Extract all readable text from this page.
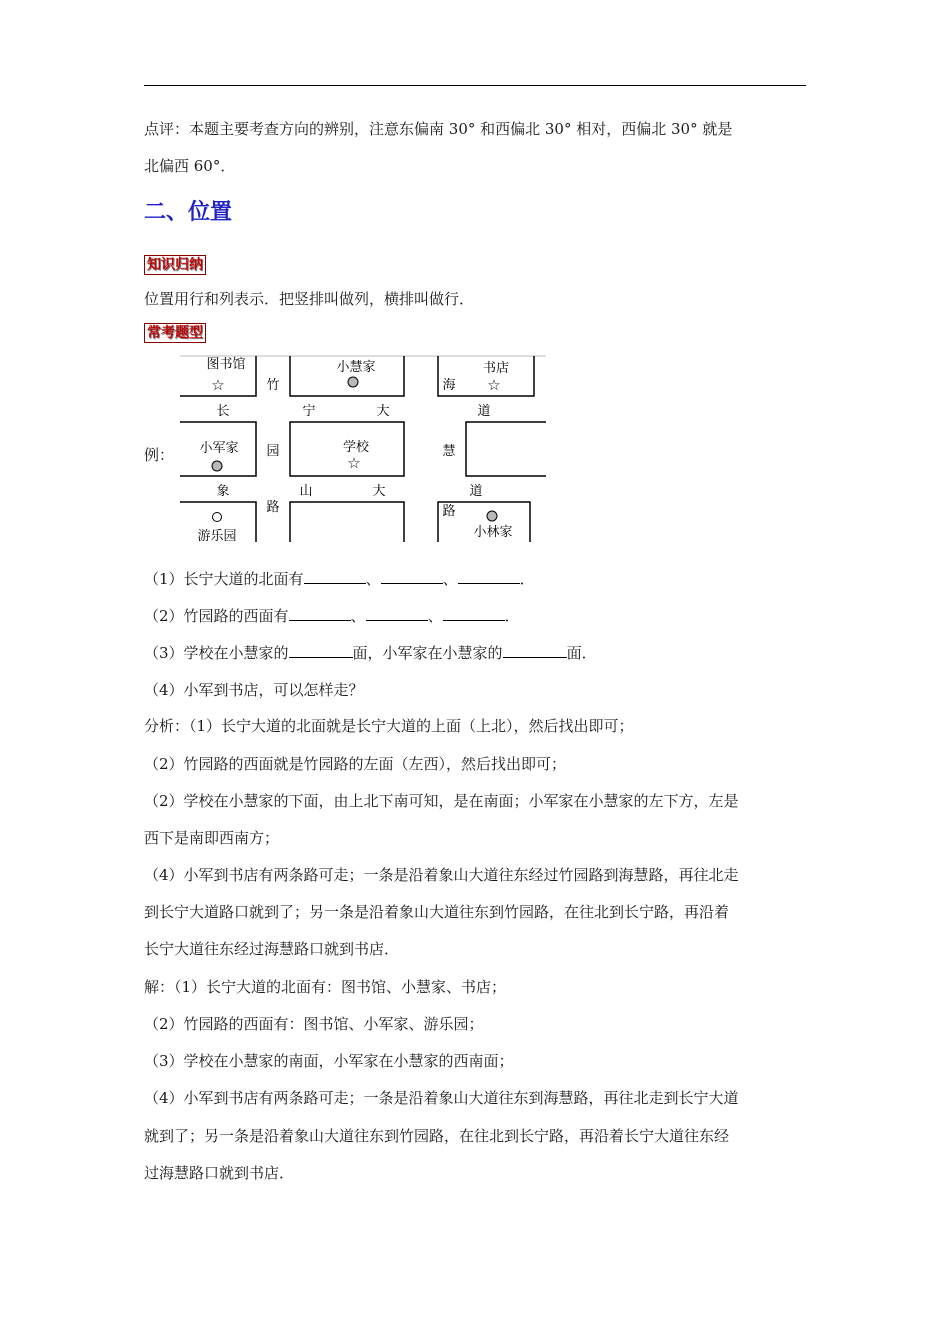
点评：本题主要考查方向的辨别，注意东偏南 30° 和西偏北 30° 相对，西偏北 30° 就是
北偏西 60°．
二、位置
知识归纳
位置用行和列表示．把竖排叫做列，横排叫做行．
常考题型
例：
图书馆
☆
小慧家	书店
☆
小军家	学校
☆
游乐园	小林家
长	宁	大	道
象	山	大	道
竹
园
路
海
慧
路
（1）长宁大道的北面有	、	、	．
（2）竹园路的西面有	、	、	．
（3）学校在小慧家的	面，小军家在小慧家的	面．
（4）小军到书店，可以怎样走？
分析：（1）长宁大道的北面就是长宁大道的上面（上北），然后找出即可；
（2）竹园路的西面就是竹园路的左面（左西），然后找出即可；
（2）学校在小慧家的下面，由上北下南可知，是在南面；小军家在小慧家的左下方，左是
西下是南即西南方；
（4）小军到书店有两条路可走；一条是沿着象山大道往东经过竹园路到海慧路，再往北走
到长宁大道路口就到了；另一条是沿着象山大道往东到竹园路，在往北到长宁路，再沿着
长宁大道往东经过海慧路口就到书店．
解：（1）长宁大道的北面有：图书馆、小慧家、书店；
（2）竹园路的西面有：图书馆、小军家、游乐园；
（3）学校在小慧家的南面，小军家在小慧家的西南面；
（4）小军到书店有两条路可走；一条是沿着象山大道往东到海慧路，再往北走到长宁大道
就到了；另一条是沿着象山大道往东到竹园路，在往北到长宁路，再沿着长宁大道往东经
过海慧路口就到书店．
